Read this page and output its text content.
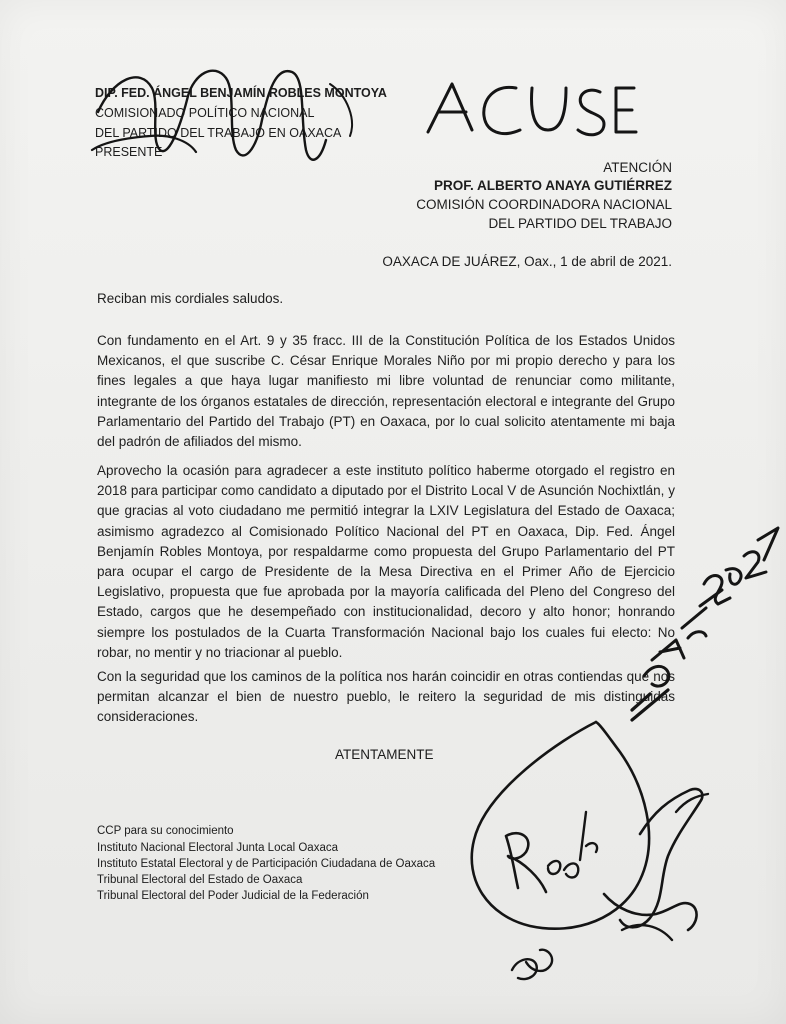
DIP. FED. ÁNGEL BENJAMÍN ROBLES MONTOYA
COMISIONADO POLÍTICO NACIONAL
DEL PARTIDO DEL TRABAJO EN OAXACA
PRESENTE
ATENCIÓN
PROF. ALBERTO ANAYA GUTIÉRREZ
COMISIÓN COORDINADORA NACIONAL
DEL PARTIDO DEL TRABAJO
OAXACA DE JUÁREZ, Oax., 1 de abril de 2021.
Reciban mis cordiales saludos.
Con fundamento en el Art. 9 y 35 fracc. III de la Constitución Política de los Estados Unidos Mexicanos, el que suscribe C. César Enrique Morales Niño por mi propio derecho y para los fines legales a que haya lugar manifiesto mi libre voluntad de renunciar como militante, integrante de los órganos estatales de dirección, representación electoral e integrante del Grupo Parlamentario del Partido del Trabajo (PT) en Oaxaca, por lo cual solicito atentamente mi baja del padrón de afiliados del mismo.
Aprovecho la ocasión para agradecer a este instituto político haberme otorgado el registro en 2018 para participar como candidato a diputado por el Distrito Local V de Asunción Nochixtlán, y que gracias al voto ciudadano me permitió integrar la LXIV Legislatura del Estado de Oaxaca; asimismo agradezco al Comisionado Político Nacional del PT en Oaxaca, Dip. Fed. Ángel Benjamín Robles Montoya, por respaldarme como propuesta del Grupo Parlamentario del PT para ocupar el cargo de Presidente de la Mesa Directiva en el Primer Año de Ejercicio Legislativo, propuesta que fue aprobada por la mayoría calificada del Pleno del Congreso del Estado, cargos que he desempeñado con institucionalidad, decoro y alto honor; honrando siempre los postulados de la Cuarta Transformación Nacional bajo los cuales fui electo: No robar, no mentir y no triacionar al pueblo.
Con la seguridad que los caminos de la política nos harán coincidir en otras contiendas que nos permitan alcanzar el bien de nuestro pueblo, le reitero la seguridad de mis distinguidas consideraciones.
ATENTAMENTE
CCP para su conocimiento
Instituto Nacional Electoral Junta Local Oaxaca
Instituto Estatal Electoral y de Participación Ciudadana de Oaxaca
Tribunal Electoral del Estado de Oaxaca
Tribunal Electoral del Poder Judicial de la Federación
ACUSE
